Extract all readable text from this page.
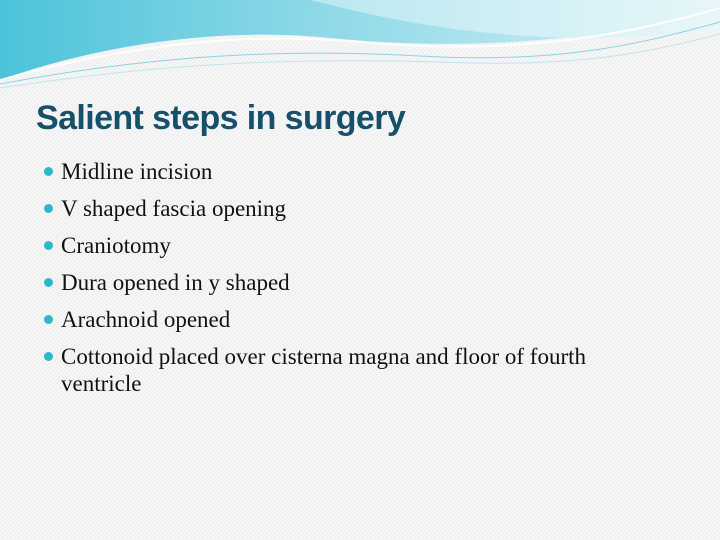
Salient steps in surgery
Midline incision
V shaped fascia opening
Craniotomy
Dura opened in y shaped
Arachnoid opened
Cottonoid placed over cisterna magna and floor of fourth ventricle
